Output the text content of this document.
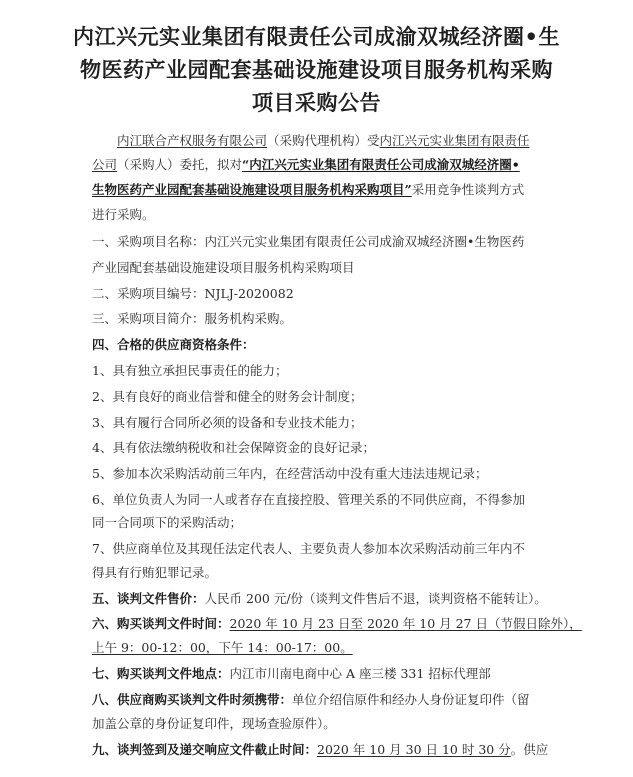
内江兴元实业集团有限责任公司成渝双城经济圈•生
物医药产业园配套基础设施建设项目服务机构采购
项目采购公告
内江联合产权服务有限公司（采购代理机构）受内江兴元实业集团有限责任
公司（采购人）委托，拟对“内江兴元实业集团有限责任公司成渝双城经济圈•
生物医药产业园配套基础设施建设项目服务机构采购项目”采用竞争性谈判方式
进行采购。
一、采购项目名称：内江兴元实业集团有限责任公司成渝双城经济圈•生物医药
产业园配套基础设施建设项目服务机构采购项目
二、采购项目编号：NJLJ-2020082
三、采购项目简介：服务机构采购。
四、合格的供应商资格条件：
1、具有独立承担民事责任的能力；
2、具有良好的商业信誉和健全的财务会计制度；
3、具有履行合同所必须的设备和专业技术能力；
4、具有依法缴纳税收和社会保障资金的良好记录；
5、参加本次采购活动前三年内，在经营活动中没有重大违法违规记录；
6、单位负责人为同一人或者存在直接控股、管理关系的不同供应商，不得参加
同一合同项下的采购活动；
7、供应商单位及其现任法定代表人、主要负责人参加本次采购活动前三年内不
得具有行贿犯罪记录。
五、谈判文件售价：人民币 200 元/份（谈判文件售后不退，谈判资格不能转让）。
六、购买谈判文件时间：2020 年 10 月 23 日至 2020 年 10 月 27 日（节假日除外），
上午 9：00-12：00，下午 14：00-17：00。
七、购买谈判文件地点：内江市川南电商中心 A 座三楼 331 招标代理部
八、供应商购买谈判文件时须携带：单位介绍信原件和经办人身份证复印件（留
加盖公章的身份证复印件，现场查验原件）。
九、谈判签到及递交响应文件截止时间：2020 年 10 月 30 日 10 时 30 分。供应
